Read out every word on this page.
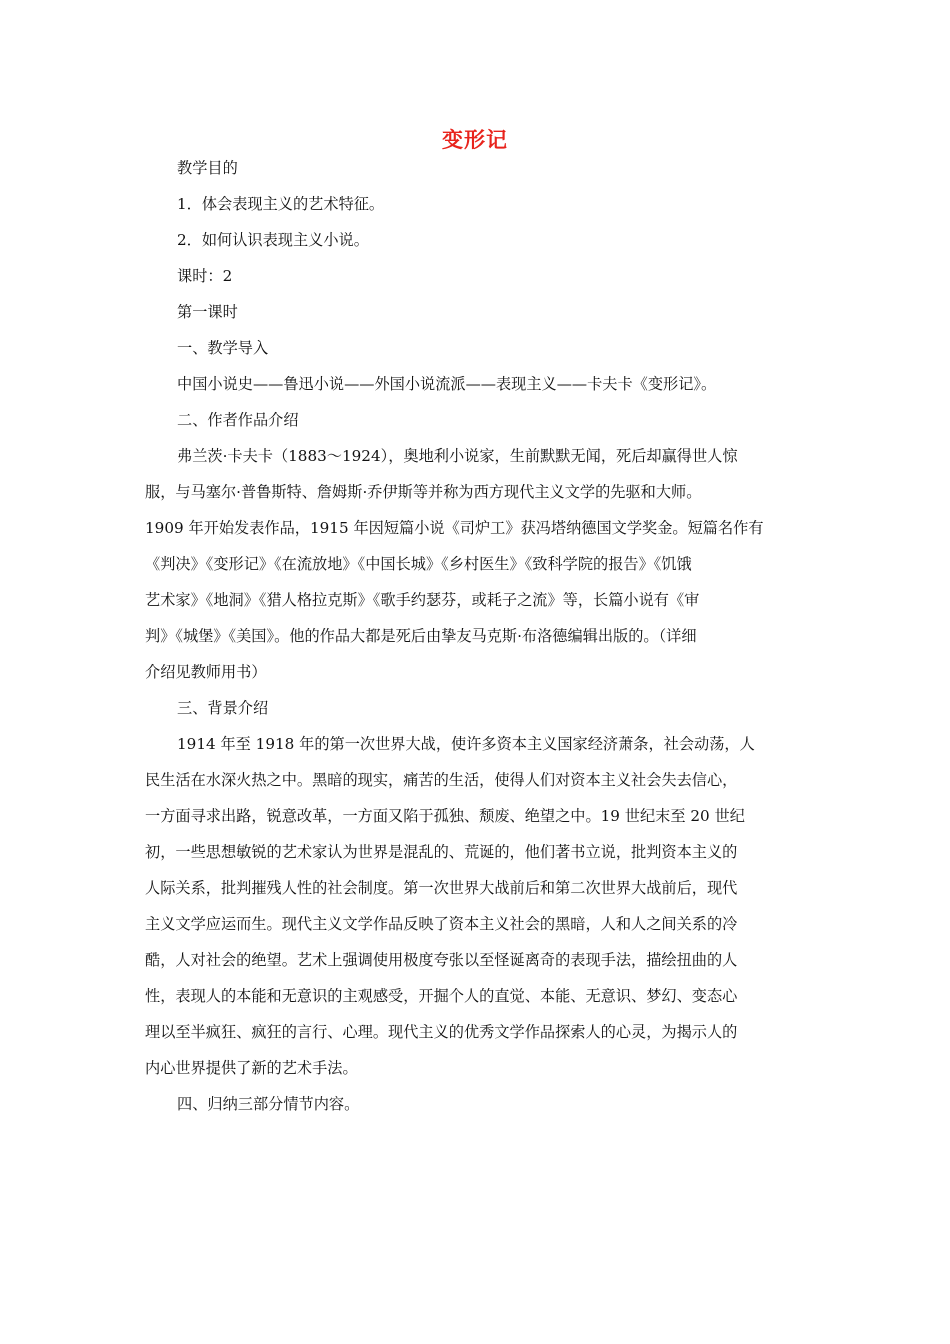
变形记
教学目的
1．体会表现主义的艺术特征。
2．如何认识表现主义小说。
课时：2
第一课时
一、教学导入
中国小说史——鲁迅小说——外国小说流派——表现主义——卡夫卡《变形记》。
二、作者作品介绍
弗兰茨·卡夫卡（1883～1924），奥地利小说家，生前默默无闻，死后却赢得世人惊
服，与马塞尔·普鲁斯特、詹姆斯·乔伊斯等并称为西方现代主义文学的先驱和大师。
1909 年开始发表作品，1915 年因短篇小说《司炉工》获冯塔纳德国文学奖金。短篇名作有
《判决》《变形记》《在流放地》《中国长城》《乡村医生》《致科学院的报告》《饥饿
艺术家》《地洞》《猎人格拉克斯》《歌手约瑟芬，或耗子之流》等，长篇小说有《审
判》《城堡》《美国》。他的作品大都是死后由挚友马克斯·布洛德编辑出版的。（详细
介绍见教师用书）
三、背景介绍
1914 年至 1918 年的第一次世界大战，使许多资本主义国家经济萧条，社会动荡，人
民生活在水深火热之中。黑暗的现实，痛苦的生活，使得人们对资本主义社会失去信心，
一方面寻求出路，锐意改革，一方面又陷于孤独、颓废、绝望之中。19 世纪末至 20 世纪
初，一些思想敏锐的艺术家认为世界是混乱的、荒诞的，他们著书立说，批判资本主义的
人际关系，批判摧残人性的社会制度。第一次世界大战前后和第二次世界大战前后，现代
主义文学应运而生。现代主义文学作品反映了资本主义社会的黑暗，人和人之间关系的冷
酷，人对社会的绝望。艺术上强调使用极度夸张以至怪诞离奇的表现手法，描绘扭曲的人
性，表现人的本能和无意识的主观感受，开掘个人的直觉、本能、无意识、梦幻、变态心
理以至半疯狂、疯狂的言行、心理。现代主义的优秀文学作品探索人的心灵，为揭示人的
内心世界提供了新的艺术手法。
四、归纳三部分情节内容。
